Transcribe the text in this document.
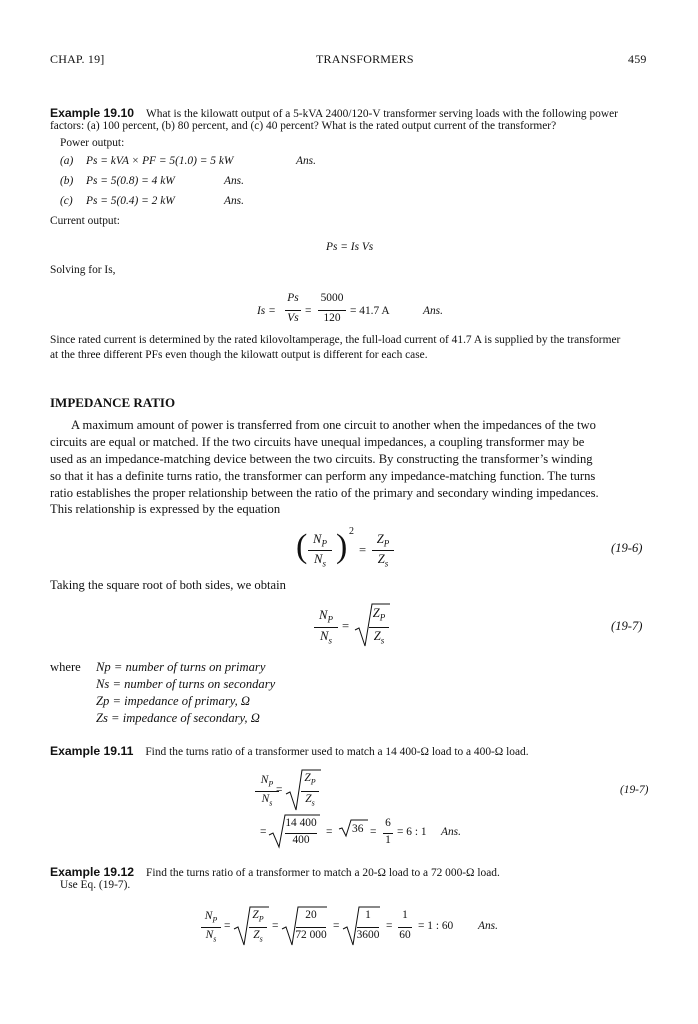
CHAP. 19]	TRANSFORMERS	459
Example 19.10 What is the kilowatt output of a 5-kVA 2400/120-V transformer serving loads with the following power
factors: (a) 100 percent, (b) 80 percent, and (c) 40 percent? What is the rated output current of the transformer?
Power output:
(a) Ps = kVA × PF = 5(1.0) = 5 kW	Ans.
(b) Ps = 5(0.8) = 4 kW	Ans.
(c) Ps = 5(0.4) = 2 kW	Ans.
Current output:
Ps = Is Vs
Solving for Is,
Is =
Ps
Vs
=
5000
120
= 41.7 A	Ans.
Since rated current is determined by the rated kilovoltamperage, the full-load current of 41.7 A is supplied by the transformer
at the three different PFs even though the kilowatt output is different for each case.
IMPEDANCE RATIO
A maximum amount of power is transferred from one circuit to another when the impedances of the two
circuits are equal or matched. If the two circuits have unequal impedances, a coupling transformer may be
used as an impedance-matching device between the two circuits. By constructing the transformer’s winding
so that it has a definite turns ratio, the transformer can perform any impedance-matching function. The turns
ratio establishes the proper relationship between the ratio of the primary and secondary winding impedances.
This relationship is expressed by the equation
( $N_P$
$N_s$ ) 2
=
$Z_P$
$Z_s$
(19-6)
Taking the square root of both sides, we obtain
$N_P$
$N_s$
=
$Z_P$
$Z_s$
(19-7)
where Np = number of turns on primary
Ns = number of turns on secondary
Zp = impedance of primary, Ω
Zs = impedance of secondary, Ω
Example 19.11 Find the turns ratio of a transformer used to match a 14 400-Ω load to a 400-Ω load.
$N_P$
$N_s$
=
$Z_P$
$Z_s$
(19-7)
=
14 400
400
= 36 =
6
1
= 6 : 1 Ans.
Example 19.12 Find the turns ratio of a transformer to match a 20-Ω load to a 72 000-Ω load.
Use Eq. (19-7).
$N_P$
$N_s$
=
$Z_P$
$Z_s$
=
20
72 000
=
1
3600
=
1
60
= 1 : 60 Ans.
